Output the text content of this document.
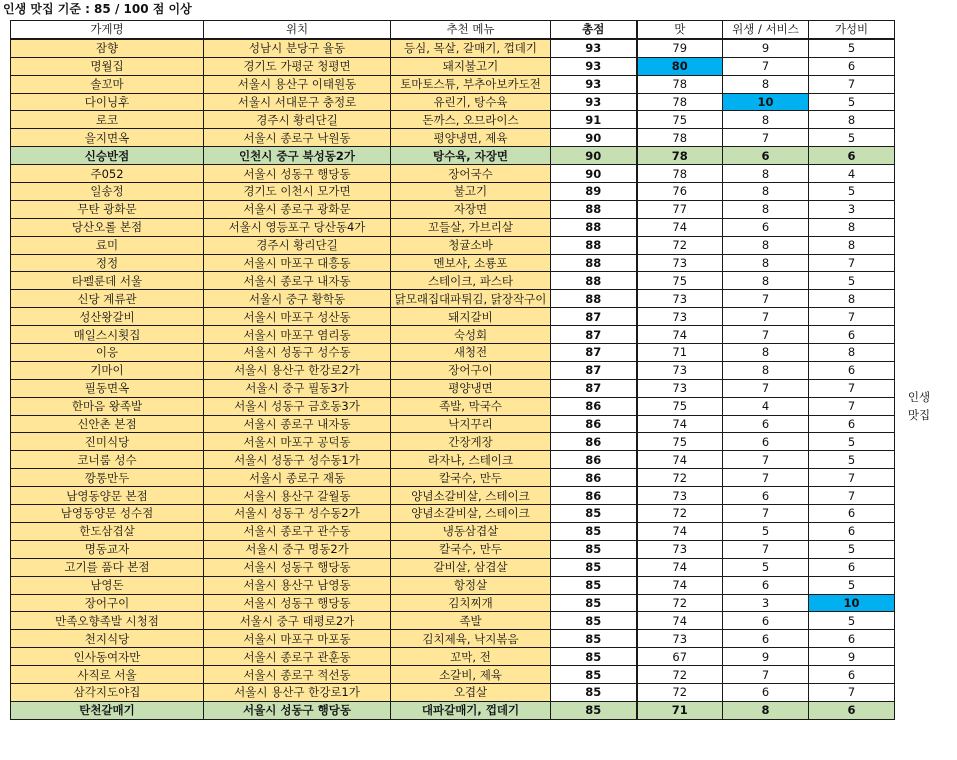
인생 맛집 기준 : 85 / 100 점 이상
가게명	위치	추천 메뉴	총점	맛	위생 / 서비스	가성비
잠향	성남시 분당구 율동	등심, 목살, 갈매기, 껍데기	93	79	9	5
명월집	경기도 가평군 청평면	돼지불고기	93	80	7	6
솔꼬마	서울시 용산구 이태원동	토마토스튜, 부추아보카도전	93	78	8	7
다이닝후	서울시 서대문구 충정로	유린기, 탕수육	93	78	10	5
로코	경주시 황리단길	돈까스, 오므라이스	91	75	8	8
을지면옥	서울시 종로구 낙원동	평양냉면, 제육	90	78	7	5
신승반점	인천시 중구 북성동2가	탕수육, 자장면	90	78	6	6
주052	서울시 성동구 행당동	장어국수	90	78	8	4
일송정	경기도 이천시 모가면	불고기	89	76	8	5
무탄 광화문	서울시 종로구 광화문	자장면	88	77	8	3
당산오롤 본점	서울시 영등포구 당산동4가	꼬들살, 가브리살	88	74	6	8
료미	경주시 황리단길	청귤소바	88	72	8	8
정정	서울시 마포구 대흥동	멘보샤, 소룡포	88	73	8	7
타펠룬데 서울	서울시 종로구 내자동	스테이크, 파스타	88	75	8	5
신당 계류관	서울시 중구 황학동	닭모래집대파튀김, 닭장작구이	88	73	7	8
성산왕갈비	서울시 마포구 성산동	돼지갈비	87	73	7	7
매일스시횟집	서울시 마포구 염리동	숙성회	87	74	7	6
이응	서울시 성동구 성수동	새청전	87	71	8	8
기마이	서울시 용산구 한강로2가	장어구이	87	73	8	6
필동면옥	서울시 중구 필동3가	평양냉면	87	73	7	7
한마음 왕족발	서울시 성동구 금호동3가	족발, 막국수	86	75	4	7
신안촌 본점	서울시 종로구 내자동	낙지꾸리	86	74	6	6
진미식당	서울시 마포구 공덕동	간장게장	86	75	6	5
코너룸 성수	서울시 성동구 성수동1가	라자냐, 스테이크	86	74	7	5
깡통만두	서울시 종로구 재동	칼국수, 만두	86	72	7	7
남영동양문 본점	서울시 용산구 갈월동	양념소갈비살, 스테이크	86	73	6	7
남영동양문 성수점	서울시 성동구 성수동2가	양념소갈비살, 스테이크	85	72	7	6
한도삼겹살	서울시 종로구 관수동	냉동삼겹살	85	74	5	6
명동교자	서울시 중구 명동2가	칼국수, 만두	85	73	7	5
고기를 품다 본점	서울시 성동구 행당동	갈비살, 삼겹살	85	74	5	6
남영돈	서울시 용산구 남영동	항정살	85	74	6	5
장어구이	서울시 성동구 행당동	김치찌개	85	72	3	10
만족오향족발 시청점	서울시 중구 태평로2가	족발	85	74	6	5
천지식당	서울시 마포구 마포동	김치제육, 낙지볶음	85	73	6	6
인사동여자만	서울시 종로구 관훈동	꼬막, 전	85	67	9	9
사직로 서울	서울시 종로구 적선동	소갈비, 제육	85	72	7	6
삼각지도야집	서울시 용산구 한강로1가	오겹살	85	72	6	7
탄천갈매기	서울시 성동구 행당동	대파갈매기, 껍데기	85	71	8	6
인생
맛집
